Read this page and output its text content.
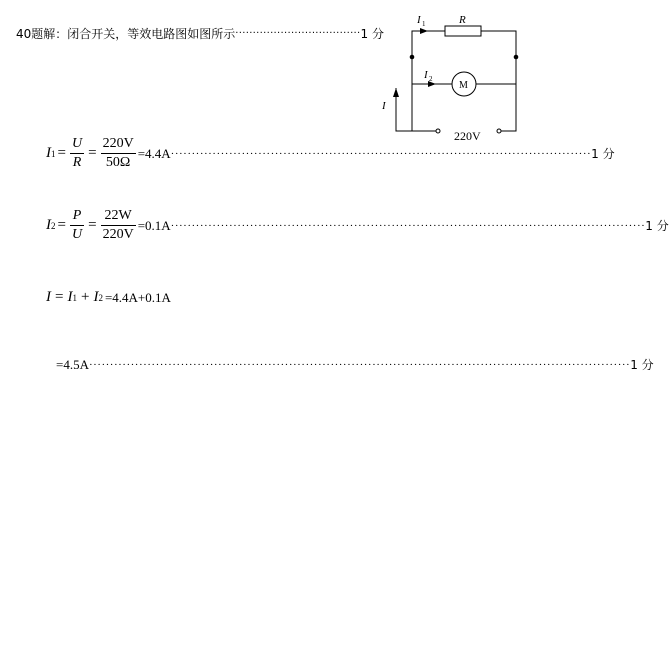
40题解：闭合开关，等效电路图如图所示 ···································· 1 分
I 1	R
I 2
M
I
220V
I $1 = \frac{U}{R} = \frac{220V}{50\Omega} =4.4A$ ····································································································· 1 分
I $2 = \frac{P}{U} = \frac{22W}{220V} =0.1A$ ·················································································································· 1 分
I = I 1 + I 2 =4.4A+0.1A
=4.5A ·································································································································· 1 分
